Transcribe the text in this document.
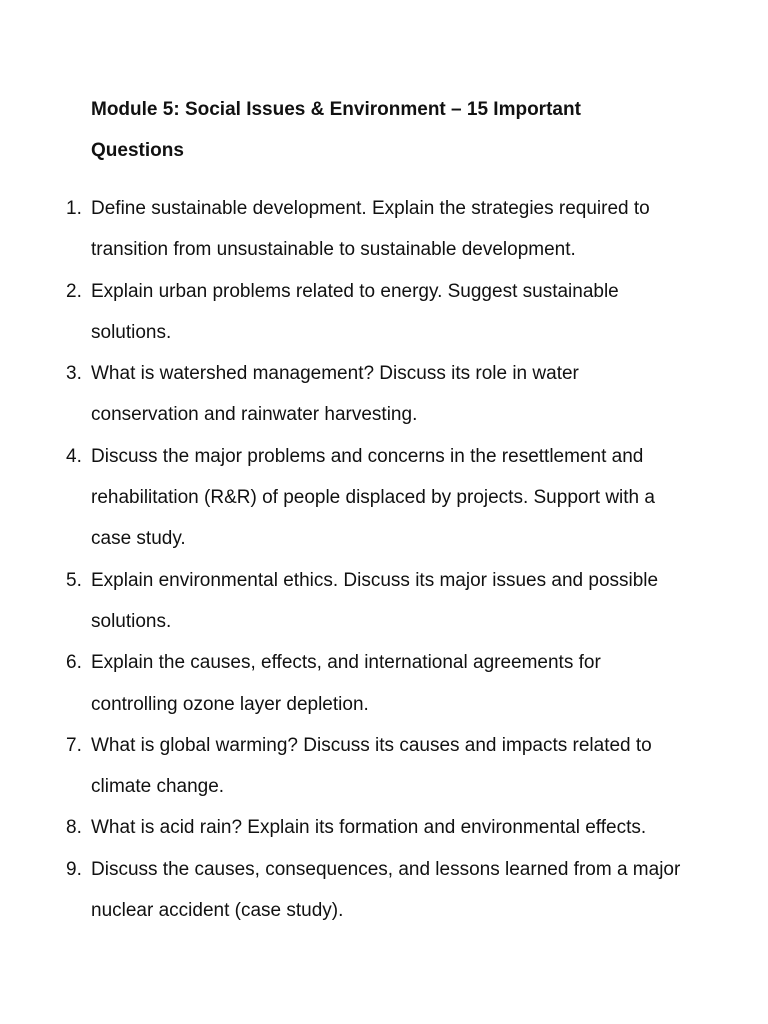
Module 5: Social Issues & Environment – 15 Important Questions
1. Define sustainable development. Explain the strategies required to transition from unsustainable to sustainable development.
2. Explain urban problems related to energy. Suggest sustainable solutions.
3. What is watershed management? Discuss its role in water conservation and rainwater harvesting.
4. Discuss the major problems and concerns in the resettlement and rehabilitation (R&R) of people displaced by projects. Support with a case study.
5. Explain environmental ethics. Discuss its major issues and possible solutions.
6. Explain the causes, effects, and international agreements for controlling ozone layer depletion.
7. What is global warming? Discuss its causes and impacts related to climate change.
8. What is acid rain? Explain its formation and environmental effects.
9. Discuss the causes, consequences, and lessons learned from a major nuclear accident (case study).
